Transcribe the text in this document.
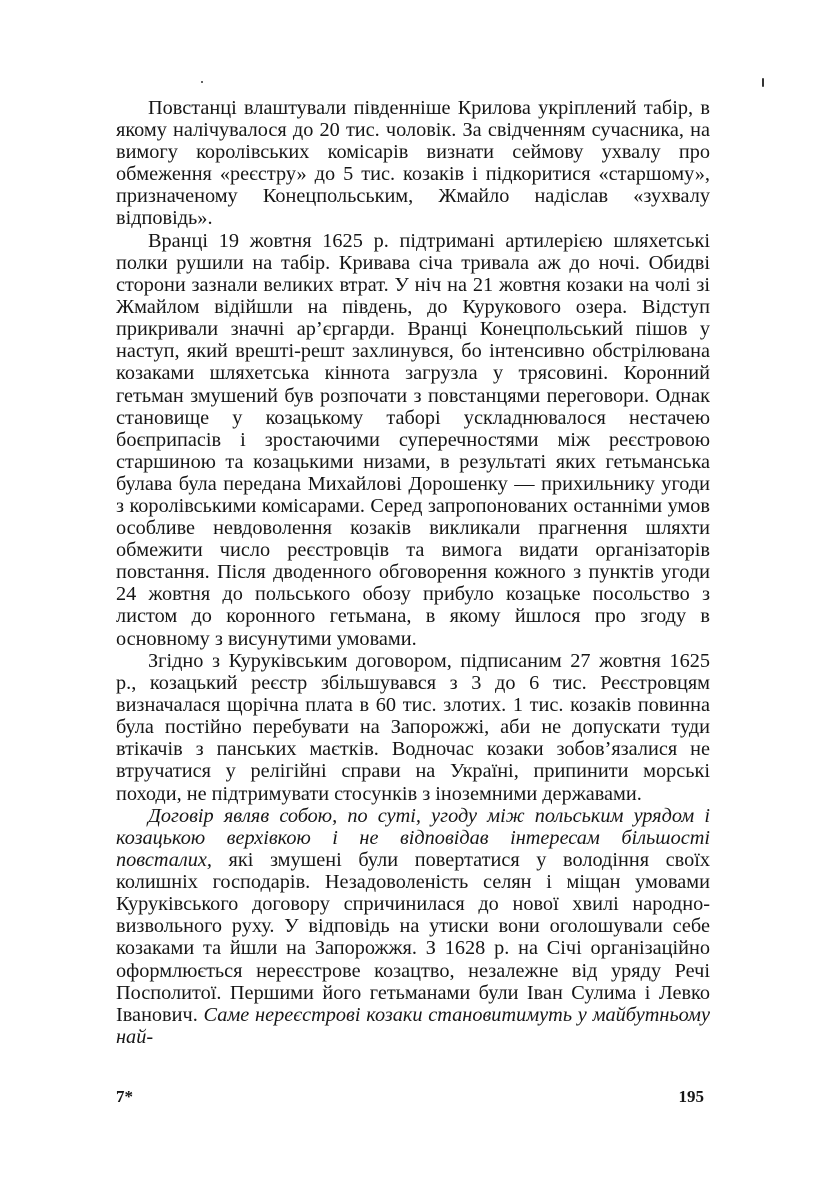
Повстанці влаштували південніше Крилова укріплений табір, в якому налічувалося до 20 тис. чоловік. За свідченням сучасника, на вимогу королівських комісарів визнати сеймову ухвалу про обмеження «реєстру» до 5 тис. козаків і підкоритися «старшому», призначеному Конецпольським, Жмайло надіслав «зухвалу відповідь».

Вранці 19 жовтня 1625 р. підтримані артилерією шляхетські полки рушили на табір. Кривава січа тривала аж до ночі. Обидві сторони зазнали великих втрат. У ніч на 21 жовтня козаки на чолі зі Жмайлом відійшли на південь, до Курукового озера. Відступ прикривали значні ар’єргарди. Вранці Конецпольський пішов у наступ, який врешті-решт захлинувся, бо інтенсивно обстрілювана козаками шляхетська кіннота загрузла у трясовині. Коронний гетьман змушений був розпочати з повстанцями переговори. Однак становище у козацькому таборі ускладнювалося нестачею боєприпасів і зростаючими суперечностями між реєстровою старшиною та козацькими низами, в результаті яких гетьманська булава була передана Михайлові Дорошенку — прихильнику угоди з королівськими комісарами. Серед запропонованих останніми умов особливе невдоволення козаків викликали прагнення шляхти обмежити число реєстровців та вимога видати організаторів повстання. Після дводенного обговорення кожного з пунктів угоди 24 жовтня до польського обозу прибуло козацьке посольство з листом до коронного гетьмана, в якому йшлося про згоду в основному з висунутими умовами.

Згідно з Куруківським договором, підписаним 27 жовтня 1625 р., козацький реєстр збільшувався з 3 до 6 тис. Реєстровцям визначалася щорічна плата в 60 тис. злотих. 1 тис. козаків повинна була постійно перебувати на Запорожжі, аби не допускати туди втікачів з панських маєтків. Водночас козаки зобов’язалися не втручатися у релігійні справи на Україні, припинити морські походи, не підтримувати стосунків з іноземними державами.

Договір являв собою, по суті, угоду між польським урядом і козацькою верхівкою і не відповідав інтересам більшості повсталих, які змушені були повертатися у володіння своїх колишніх господарів. Незадоволеність селян і міщан умовами Куруківського договору спричинилася до нової хвилі народно-визвольного руху. У відповідь на утиски вони оголошували себе козаками та йшли на Запорожжя. З 1628 р. на Січі організаційно оформлюється нереєстрове козацтво, незалежне від уряду Речі Посполитої. Першими його гетьманами були Іван Сулима і Левко Іванович. Саме нереєстрові козаки становитимуть у майбутньому най-

7*	195
